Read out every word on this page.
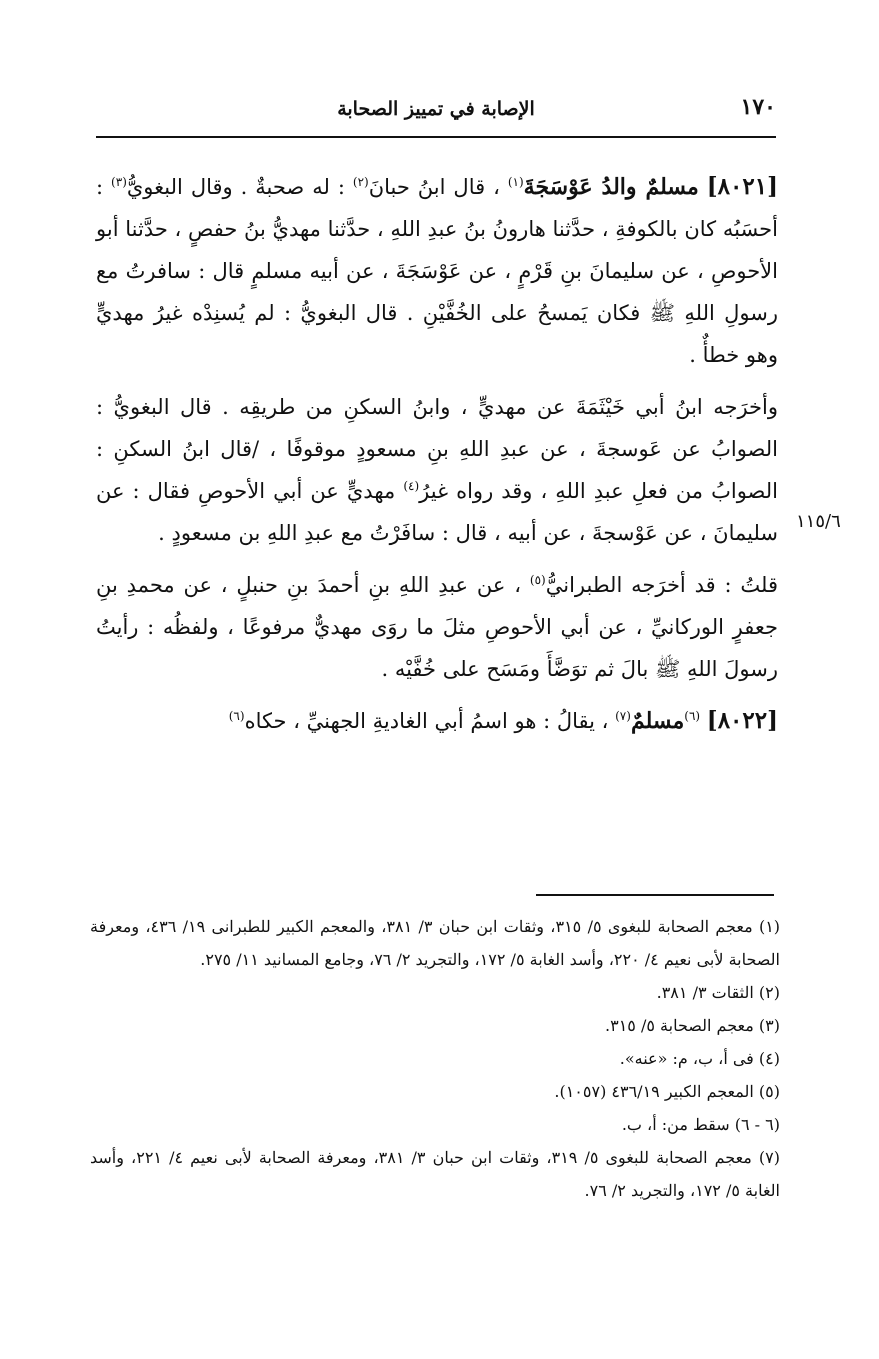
١٧٠
الإصابة في تمييز الصحابة
١١٥/٦

[٨٠٢١] مسلمٌ والدُ عَوْسَجَةَ$^{(١)}$ ، قال ابنُ حبانَ$^{(٢)}$ : له صحبةٌ . وقال البغويُّ$^{(٣)}$ : أحسَبُه كان بالكوفةِ ، حدَّثنا هارونُ بنُ عبدِ اللهِ ، حدَّثنا مهديُّ بنُ حفصٍ ، حدَّثنا أبو الأحوصِ ، عن سليمانَ بنِ قَرْمٍ ، عن عَوْسَجَةَ ، عن أبيه مسلمٍ قال : سافرتُ مع رسولِ اللهِ ﷺ فكان يَمسحُ على الخُفَّيْنِ . قال البغويُّ : لم يُسنِدْه غيرُ مهديٍّ وهو خطأٌ .

وأخرَجه ابنُ أبي خَيْثَمَةَ عن مهديٍّ ، وابنُ السكنِ من طريقِه . قال البغويُّ : الصوابُ عن عَوسجةَ ، عن عبدِ اللهِ بنِ مسعودٍ موقوفًا ، /قال ابنُ السكنِ : الصوابُ من فعلِ عبدِ اللهِ ، وقد رواه غيرُ$^{(٤)}$ مهديٍّ عن أبي الأحوصِ فقال : عن سليمانَ ، عن عَوْسجةَ ، عن أبيه ، قال : سافَرْتُ مع عبدِ اللهِ بن مسعودٍ .

قلتُ : قد أخرَجه الطبرانيُّ$^{(٥)}$ ، عن عبدِ اللهِ بنِ أحمدَ بنِ حنبلٍ ، عن محمدِ بنِ جعفرٍ الوركانيِّ ، عن أبي الأحوصِ مثلَ ما روَى مهديٌّ مرفوعًا ، ولفظُه : رأيتُ رسولَ اللهِ ﷺ بالَ ثم توَضَّأَ ومَسَح على خُفَّيْه .

[٨٠٢٢] $^{(٦)}$مسلمٌ$^{(٧)}$ ، يقالُ : هو اسمُ أبي الغاديةِ الجهنيِّ ، حكاه$^{(٦)}$

(١) معجم الصحابة للبغوى ٥/ ٣١٥، وثقات ابن حبان ٣/ ٣٨١، والمعجم الكبير للطبرانى ١٩/ ٤٣٦، ومعرفة الصحابة لأبى نعيم ٤/ ٢٢٠، وأسد الغابة ٥/ ١٧٢، والتجريد ٢/ ٧٦، وجامع المسانيد ١١/ ٢٧٥.

(٢) الثقات ٣/ ٣٨١.

(٣) معجم الصحابة ٥/ ٣١٥.

(٤) فى أ، ب، م: «عنه».

(٥) المعجم الكبير ٤٣٦/١٩ (١٠٥٧).

(٦ - ٦) سقط من: أ، ب.

(٧) معجم الصحابة للبغوى ٥/ ٣١٩، وثقات ابن حبان ٣/ ٣٨١، ومعرفة الصحابة لأبى نعيم ٤/ ٢٢١، وأسد الغابة ٥/ ١٧٢، والتجريد ٢/ ٧٦.
